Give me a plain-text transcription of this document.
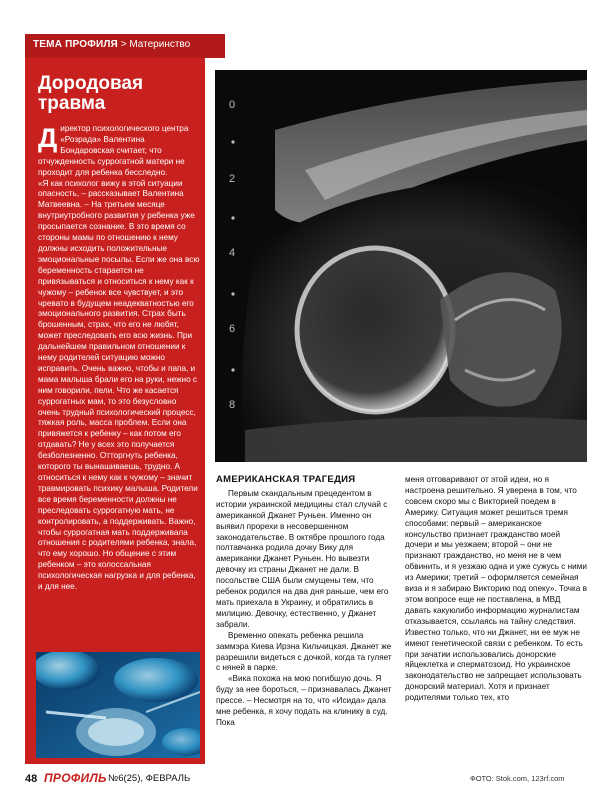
ТЕМА ПРОФИЛЯ > Материнство
Дородовая
травма
Д иректор психологического центра «Розрада» Валентина Бондаровская считает, что отчужденность суррогатной матери не проходит для ребенка бесследно.

«Я как психолог вижу в этой ситуации опасность, – рассказывает Валентина Матвеевна. – На третьем месяце внутриутробного развития у ребенка уже просыпается сознание. В это время со стороны мамы по отношению к нему должны исходить положительные эмоциональные посылы. Если же она всю беременность старается не привязываться и относиться к нему как к чужому – ребенок все чувствует, и это чревато в будущем неадекватностью его эмоционального развития. Страх быть брошенным, страх, что его не любят, может преследовать его всю жизнь. При дальнейшем правильном отношении к нему родителей ситуацию можно исправить. Очень важно, чтобы и папа, и мама малыша брали его на руки, нежно с ним говорили, пели. Что же касается суррогатных мам, то это безусловно очень трудный психологический процесс, тяжкая роль, масса проблем. Если она привяжется к ребенку – как потом его отдавать? Не у всех это получается безболезненно. Отторгнуть ребенка, которого ты вынашиваешь, трудно. А относиться к нему как к чужому – значит травмировать психику малыша. Родители все время беременности должны не преследовать суррогатную мать, не контролировать, а поддерживать. Важно, чтобы суррогатная мать поддерживала отношения с родителями ребенка, знала, что ему хорошо. Но общение с этим ребенком – это колоссальная психологическая нагрузка и для ребенка, и для нее.

0
2
4
6
8
АМЕРИКАНСКАЯ ТРАГЕДИЯ

Первым скандальным прецедентом в истории украинской медицины стал случай с американкой Джанет Руньен. Именно он выявил прорехи в несовершенном законодательстве. В октябре прошлого года полтавчанка родила дочку Вику для американки Джанет Руньен. Но вывезти девочку из страны Джанет не дали. В посольстве США были смущены тем, что ребенок родился на два дня раньше, чем его мать приехала в Украину, и обратились в милицию. Девочку, естественно, у Джанет забрали.

Временно опекать ребенка решила заммэра Киева Ирэна Кильчицкая. Джанет же разрешили видеться с дочкой, когда та гуляет с няней в парке.

«Вика похожа на мою погибшую дочь. Я буду за нее бороться, – признавалась Джанет прессе. – Несмотря на то, что «Исида» дала мне ребенка, я хочу подать на клинику в суд. Пока

меня отговаривают от этой идеи, но я настроена решительно. Я уверена в том, что совсем скоро мы с Викторией поедем в Америку. Ситуация может решиться тремя способами: первый – американское консульство признает гражданство моей дочери и мы уезжаем; второй – они не признают гражданство, но меня не в чем обвинить, и я уезжаю одна и уже сужусь с ними из Америки; третий – оформляется семейная виза и я забираю Викторию под опеку». Точка в этом вопросе еще не поставлена, в МВД давать какуюлибо информацию журналистам отказывается, ссылаясь на тайну следствия. Известно только, что ни Джанет, ни ее муж не имеют генетической связи с ребенком. То есть при зачатии использовались донорские яйцеклетка и сперматозоид. Но украинское законодательство не запрещает использовать донорский материал. Хотя и признает родителями только тех, кто

48 ПРОФИЛЬ №6(25), ФЕВРАЛЬ	ФОТО: Stok.com, 123rf.com
